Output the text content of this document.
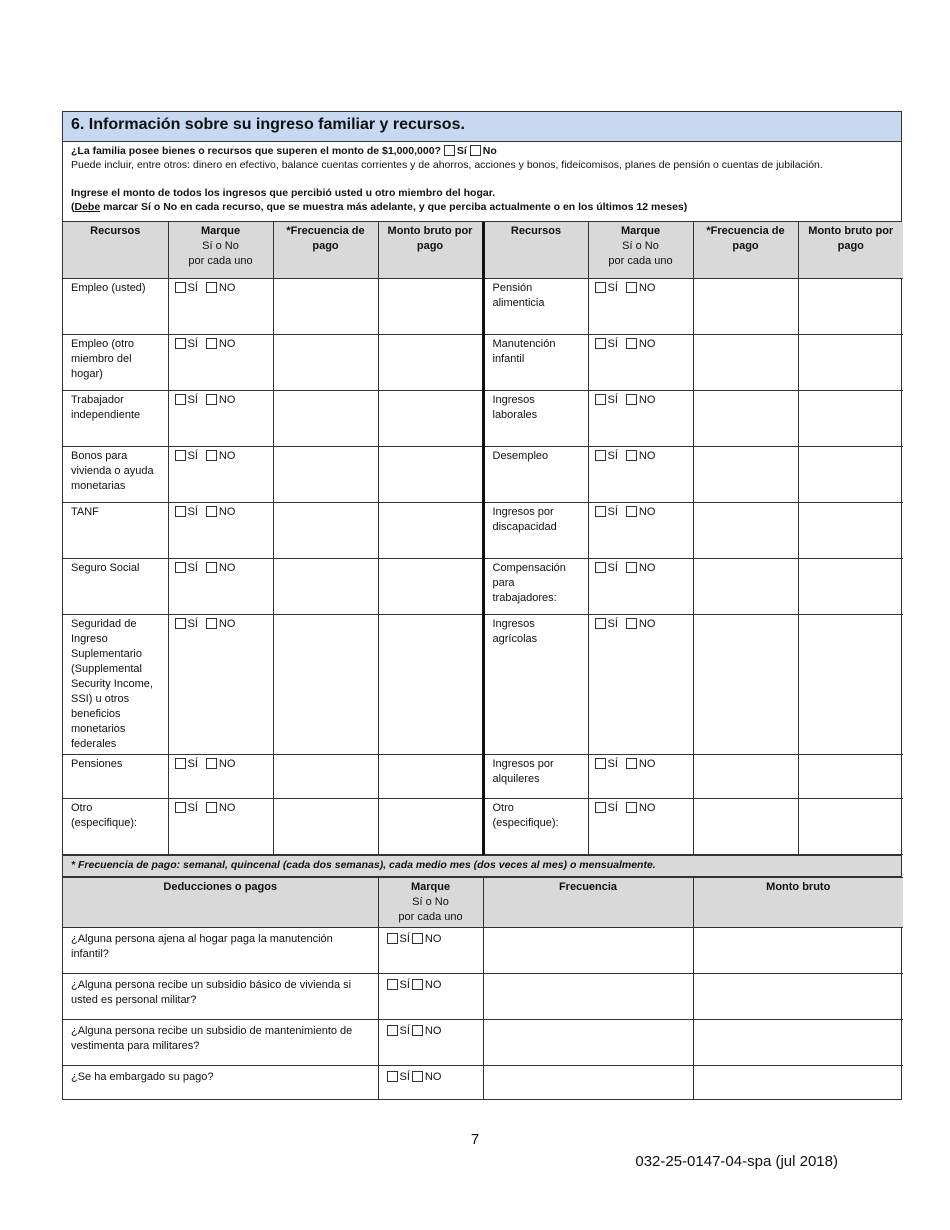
6. Información sobre su ingreso familiar y recursos.
¿La familia posee bienes o recursos que superen el monto de $1,000,000? Sí No
Puede incluir, entre otros: dinero en efectivo, balance cuentas corrientes y de ahorros, acciones y bonos, fideicomisos, planes de pensión o cuentas de jubilación.
Ingrese el monto de todos los ingresos que percibió usted u otro miembro del hogar.
(Debe marcar Sí o No en cada recurso, que se muestra más adelante, y que perciba actualmente o en los últimos 12 meses)
Recursos	Marque
Sí o No
por cada uno	*Frecuencia de pago	Monto bruto por pago	Recursos	Marque
Sí o No
por cada uno	*Frecuencia de pago	Monto bruto por pago
Empleo (usted)	SÍ NO			Pensión alimenticia	SÍ NO		
Empleo (otro miembro del hogar)	SÍ NO			Manutención infantil	SÍ NO		
Trabajador independiente	SÍ NO			Ingresos laborales	SÍ NO		
Bonos para vivienda o ayuda monetarias	SÍ NO			Desempleo	SÍ NO		
TANF	SÍ NO			Ingresos por discapacidad	SÍ NO		
Seguro Social	SÍ NO			Compensación para trabajadores:	SÍ NO		
Seguridad de Ingreso Suplementario (Supplemental Security Income, SSI) u otros beneficios monetarios federales	SÍ NO			Ingresos agrícolas	SÍ NO		
Pensiones	SÍ NO			Ingresos por alquileres	SÍ NO		
Otro (especifique):	SÍ NO			Otro (especifique):	SÍ NO		
* Frecuencia de pago: semanal, quincenal (cada dos semanas), cada medio mes (dos veces al mes) o mensualmente.
Deducciones o pagos	Marque
Sí o No
por cada uno	Frecuencia	Monto bruto
¿Alguna persona ajena al hogar paga la manutención infantil?	SÍ NO		
¿Alguna persona recibe un subsidio básico de vivienda si usted es personal militar?	SÍ NO		
¿Alguna persona recibe un subsidio de mantenimiento de vestimenta para militares?	SÍ NO		
¿Se ha embargado su pago?	SÍ NO		
7
032-25-0147-04-spa (jul 2018)
